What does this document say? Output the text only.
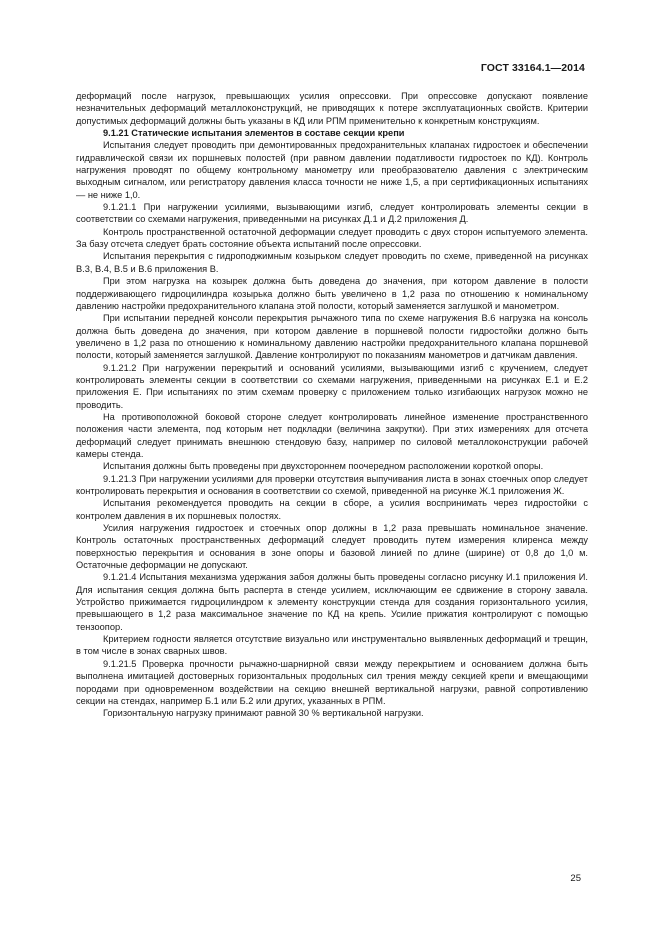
ГОСТ 33164.1—2014

деформаций после нагрузок, превышающих усилия опрессовки. При опрессовке допускают появление незначительных деформаций металлоконструкций, не приводящих к потере эксплуатационных свойств. Критерии допустимых деформаций должны быть указаны в КД или РПМ применительно к конкретным конструкциям.

9.1.21 Статические испытания элементов в составе секции крепи

Испытания следует проводить при демонтированных предохранительных клапанах гидростоек и обеспечении гидравлической связи их поршневых полостей (при равном давлении податливости гидростоек по КД). Контроль нагружения проводят по общему контрольному манометру или преобразователю давления с электрическим выходным сигналом, или регистратору давления класса точности не ниже 1,5, а при сертификационных испытаниях — не ниже 1,0.

9.1.21.1 При нагружении усилиями, вызывающими изгиб, следует контролировать элементы секции в соответствии со схемами нагружения, приведенными на рисунках Д.1 и Д.2 приложения Д.

Контроль пространственной остаточной деформации следует проводить с двух сторон испытуемого элемента. За базу отсчета следует брать состояние объекта испытаний после опрессовки.

Испытания перекрытия с гидроподжимным козырьком следует проводить по схеме, приведенной на рисунках В.3, В.4, В.5 и В.6 приложения В.

При этом нагрузка на козырек должна быть доведена до значения, при котором давление в полости поддерживающего гидроцилиндра козырька должно быть увеличено в 1,2 раза по отношению к номинальному давлению настройки предохранительного клапана этой полости, который заменяется заглушкой и манометром.

При испытании передней консоли перекрытия рычажного типа по схеме нагружения В.6 нагрузка на консоль должна быть доведена до значения, при котором давление в поршневой полости гидростойки должно быть увеличено в 1,2 раза по отношению к номинальному давлению настройки предохранительного клапана поршневой полости, который заменяется заглушкой. Давление контролируют по показаниям манометров и датчикам давления.

9.1.21.2 При нагружении перекрытий и оснований усилиями, вызывающими изгиб с кручением, следует контролировать элементы секции в соответствии со схемами нагружения, приведенными на рисунках Е.1 и Е.2 приложения Е. При испытаниях по этим схемам проверку с приложением только изгибающих нагрузок можно не проводить.

На противоположной боковой стороне следует контролировать линейное изменение пространственного положения части элемента, под которым нет подкладки (величина закрутки). При этих измерениях для отсчета деформаций следует принимать внешнюю стендовую базу, например по силовой металлоконструкции рабочей камеры стенда.

Испытания должны быть проведены при двухстороннем поочередном расположении короткой опоры.

9.1.21.3 При нагружении усилиями для проверки отсутствия выпучивания листа в зонах стоечных опор следует контролировать перекрытия и основания в соответствии со схемой, приведенной на рисунке Ж.1 приложения Ж.

Испытания рекомендуется проводить на секции в сборе, а усилия воспринимать через гидростойки с контролем давления в их поршневых полостях.

Усилия нагружения гидростоек и стоечных опор должны в 1,2 раза превышать номинальное значение. Контроль остаточных пространственных деформаций следует проводить путем измерения клиренса между поверхностью перекрытия и основания в зоне опоры и базовой линией по длине (ширине) от 0,8 до 1,0 м. Остаточные деформации не допускают.

9.1.21.4 Испытания механизма удержания забоя должны быть проведены согласно рисунку И.1 приложения И. Для испытания секция должна быть расперта в стенде усилием, исключающим ее сдвижение в сторону завала. Устройство прижимается гидроцилиндром к элементу конструкции стенда для создания горизонтального усилия, превышающего в 1,2 раза максимальное значение по КД на крепь. Усилие прижатия контролируют с помощью тензоопор.

Критерием годности является отсутствие визуально или инструментально выявленных деформаций и трещин, в том числе в зонах сварных швов.

9.1.21.5 Проверка прочности рычажно-шарнирной связи между перекрытием и основанием должна быть выполнена имитацией достоверных горизонтальных продольных сил трения между секцией крепи и вмещающими породами при одновременном воздействии на секцию внешней вертикальной нагрузки, равной сопротивлению секции на стендах, например Б.1 или Б.2 или других, указанных в РПМ.

Горизонтальную нагрузку принимают равной 30 % вертикальной нагрузки.

25
